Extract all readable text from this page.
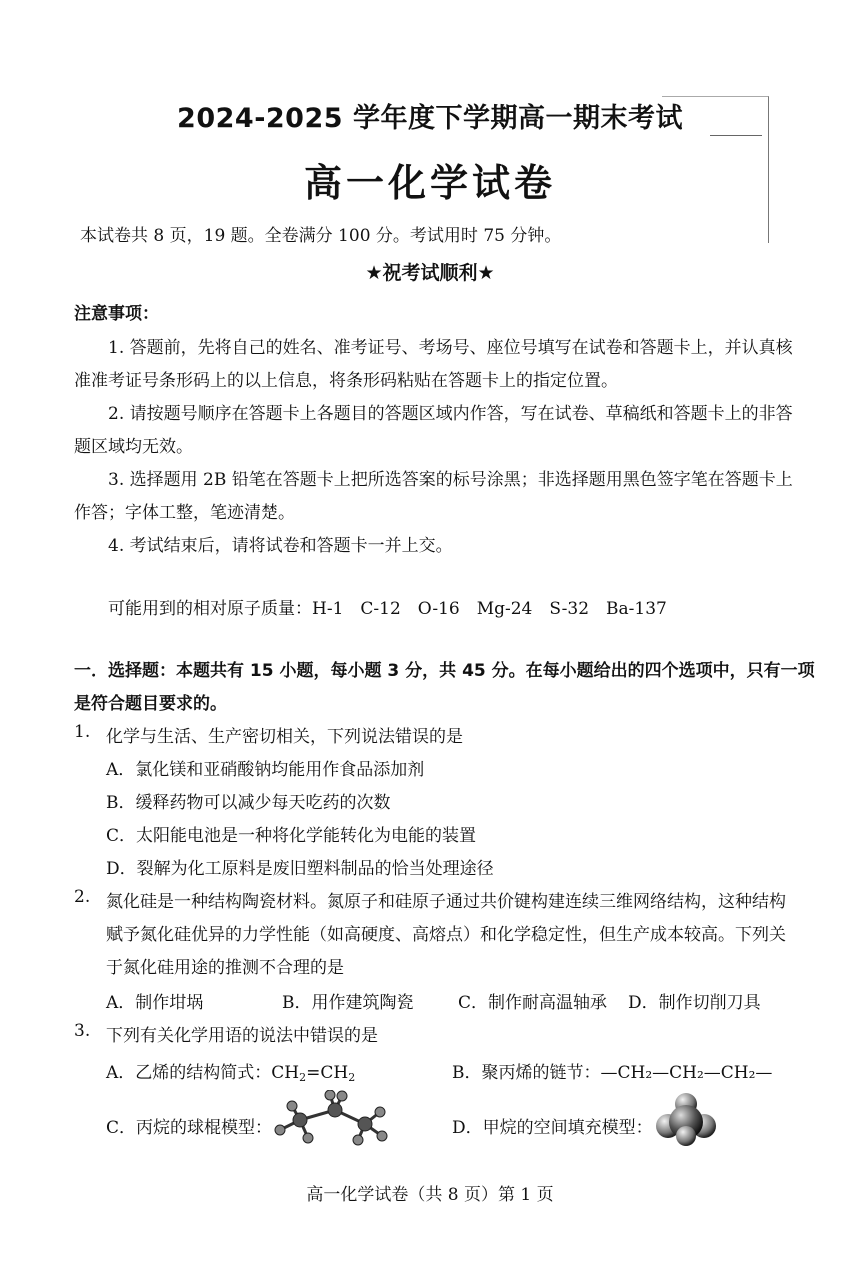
2024-2025 学年度下学期高一期末考试
高一化学试卷
本试卷共 8 页，19 题。全卷满分 100 分。考试用时 75 分钟。
★祝考试顺利★
注意事项：
1. 答题前，先将自己的姓名、准考证号、考场号、座位号填写在试卷和答题卡上，并认真核
准准考证号条形码上的以上信息，将条形码粘贴在答题卡上的指定位置。
2. 请按题号顺序在答题卡上各题目的答题区域内作答，写在试卷、草稿纸和答题卡上的非答
题区域均无效。
3. 选择题用 2B 铅笔在答题卡上把所选答案的标号涂黑；非选择题用黑色签字笔在答题卡上
作答；字体工整，笔迹清楚。
4. 考试结束后，请将试卷和答题卡一并上交。
可能用到的相对原子质量：H-1　C-12　O-16　Mg-24　S-32　Ba-137
一．选择题：本题共有 15 小题，每小题 3 分，共 45 分。在每小题给出的四个选项中，只有一项
是符合题目要求的。
1. 化学与生活、生产密切相关，下列说法错误的是
A．氯化镁和亚硝酸钠均能用作食品添加剂
B．缓释药物可以减少每天吃药的次数
C．太阳能电池是一种将化学能转化为电能的装置
D．裂解为化工原料是废旧塑料制品的恰当处理途径
2. 氮化硅是一种结构陶瓷材料。氮原子和硅原子通过共价键构建连续三维网络结构，这种结构
赋予氮化硅优异的力学性能（如高硬度、高熔点）和化学稳定性，但生产成本较高。下列关
于氮化硅用途的推测不合理的是
A．制作坩埚	B．用作建筑陶瓷	C．制作耐高温轴承 D．制作切削刀具
3. 下列有关化学用语的说法中错误的是
A．乙烯的结构简式：$CH_2=CH_2$	B．聚丙烯的链节：—CH₂—CH₂—CH₂—
C．丙烷的球棍模型：	D．甲烷的空间填充模型：
高一化学试卷（共 8 页）第 1 页
